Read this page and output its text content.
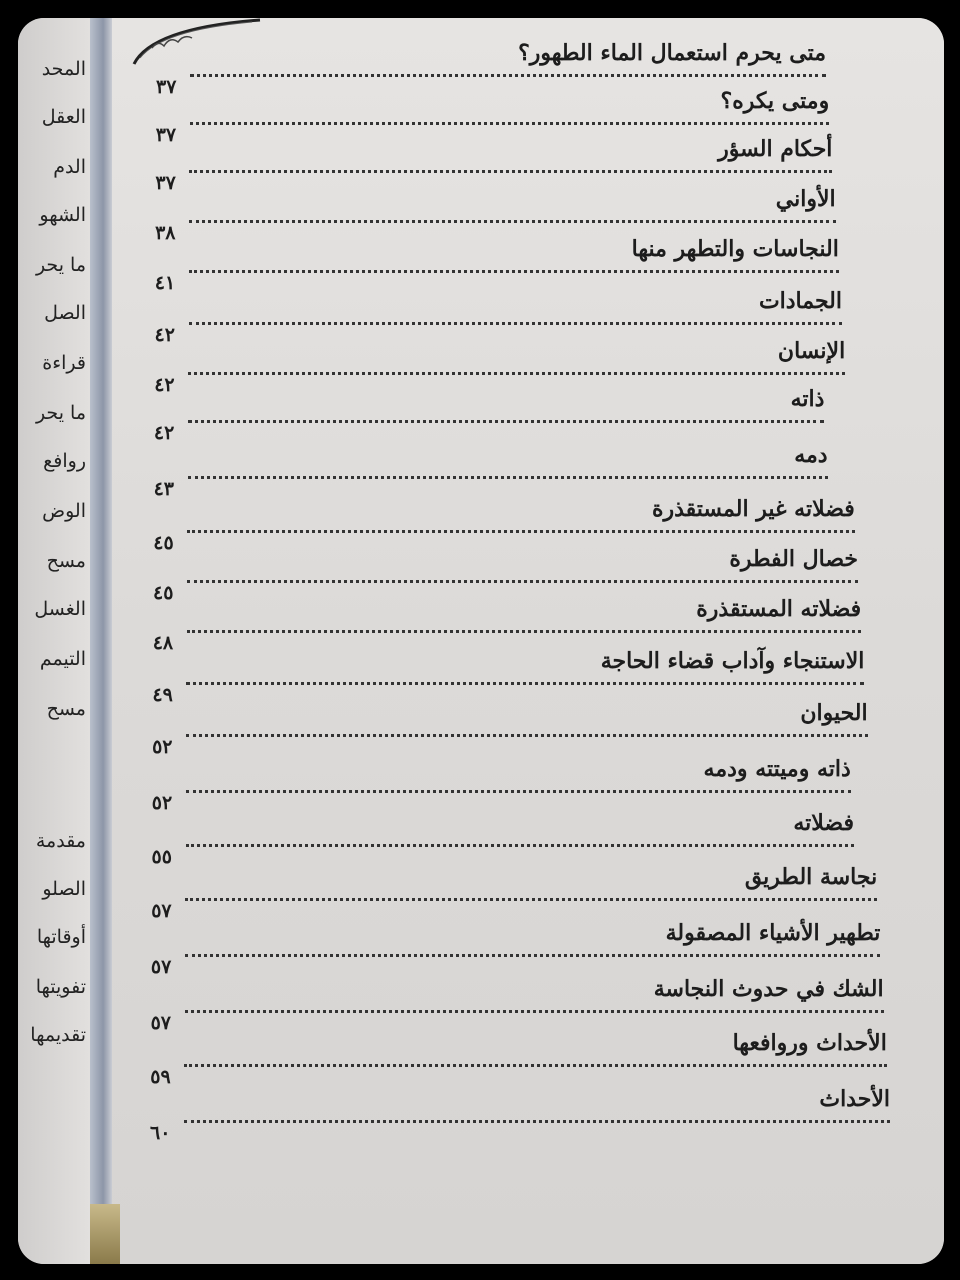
المحد
العقل
الدم
الشهو
ما يحر
الصل
قراءة
ما يحر
روافع
الوض
مسح
الغسل
التيمم
مسح
مقدمة
الصلو
أوقاتها
تفويتها
تقديمها
متى يحرم استعمال الماء الطهور؟
٣٧
ومتى يكره؟
٣٧
أحكام السؤر
٣٧
الأواني
٣٨
النجاسات والتطهر منها
٤١
الجمادات
٤٢
الإنسان
٤٢
ذاته
٤٢
دمه
٤٣
فضلاته غير المستقذرة
٤٥
خصال الفطرة
٤٥
فضلاته المستقذرة
٤٨
الاستنجاء وآداب قضاء الحاجة
٤٩
الحيوان
٥٢
ذاته وميتته ودمه
٥٢
فضلاته
٥٥
نجاسة الطريق
٥٧
تطهير الأشياء المصقولة
٥٧
الشك في حدوث النجاسة
٥٧
الأحداث وروافعها
٥٩
الأحداث
٦٠
